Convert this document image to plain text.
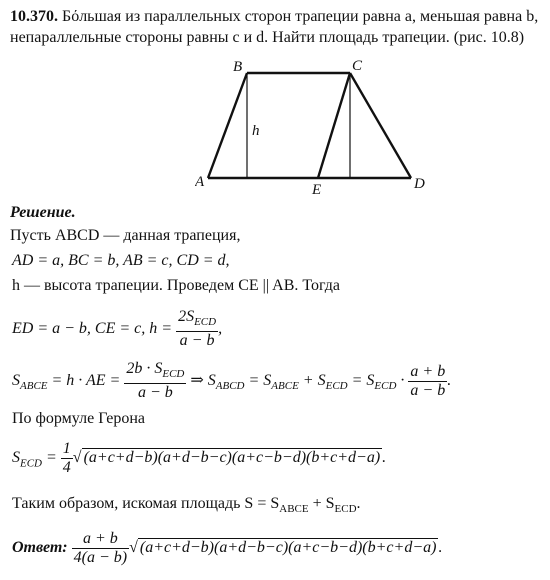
10.370. Бόльшая из параллельных сторон трапеции равна a, меньшая равна b, непараллельные стороны равны c и d. Найти площадь трапеции. (рис. 10.8)
A
B	C
D
E
h
Решение.
Пусть ABCD — данная трапеция,
AD = a, BC = b, AB = c, CD = d,
h — высота трапеции. Проведем CE || AB. Тогда
ED = a − b, CE = c, $h = \frac{2S_{ECD}}{a - b}$ ,
$S_{ABCE} = h$ · AE = $\frac{2b \cdot S_{ECD}}{a - b}$ ⇒ $S_{ABCD} = S_{ABCE} + S_{ECD} = S_{ECD} \cdot \frac{a + b}{a - b}$ .
По формуле Герона
$S_{ECD} = \frac{1}{4}$ √ (a+c+d−b)(a+d−b−c)(a+c−b−d)(b+c+d−a) .
Таким образом, искомая площадь $S = S_{ABCE} + S_{ECD}$.
Ответ: $\frac{a + b}{4(a - b)}$ √ (a+c+d−b)(a+d−b−c)(a+c−b−d)(b+c+d−a) .
